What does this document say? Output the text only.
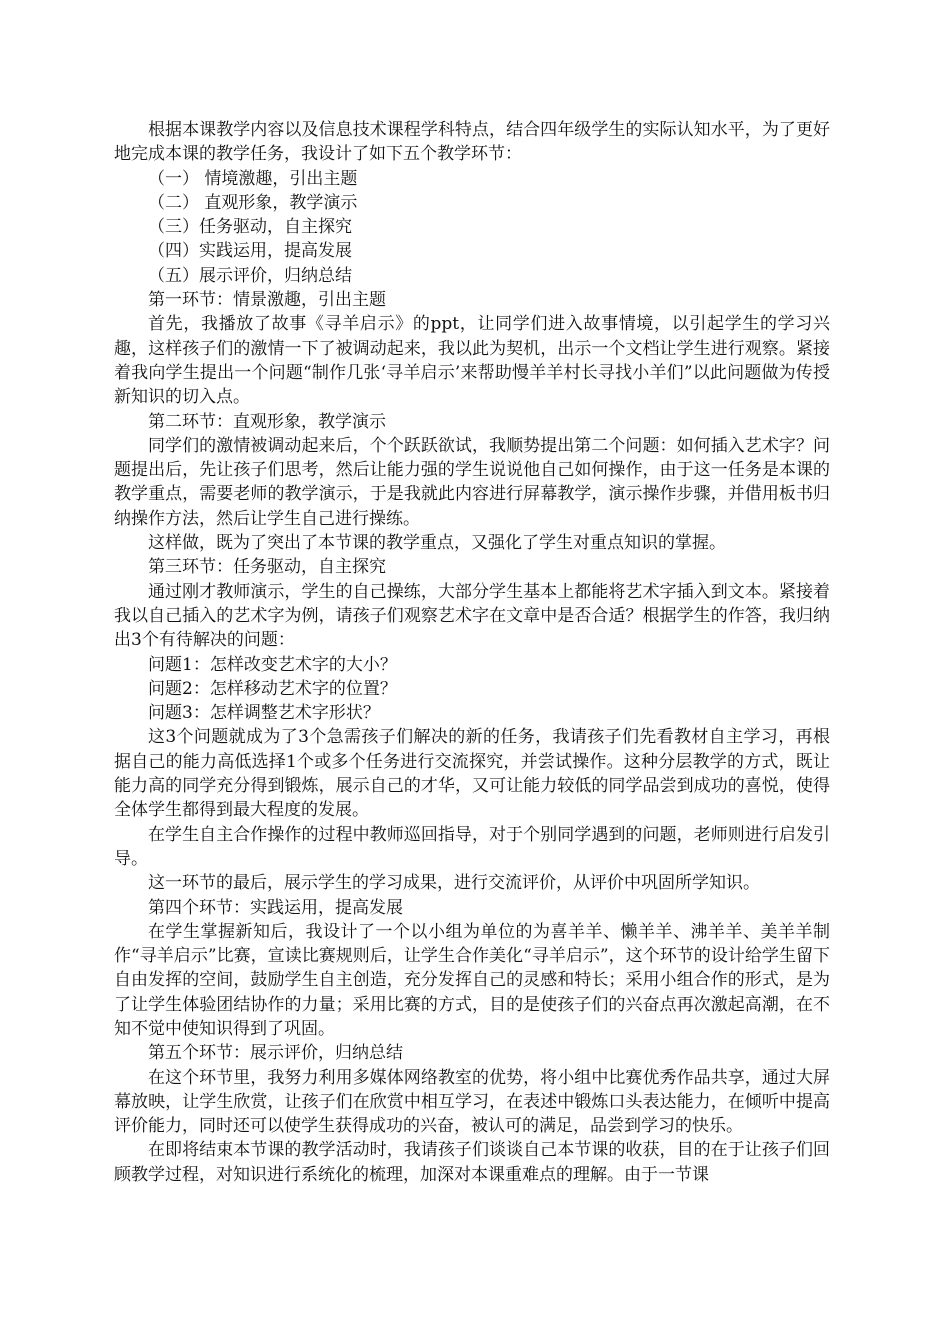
根据本课教学内容以及信息技术课程学科特点，结合四年级学生的实际认知水平，为了更好地完成本课的教学任务，我设计了如下五个教学环节：

（一） 情境激趣，引出主题

（二） 直观形象，教学演示

（三）任务驱动，自主探究

（四）实践运用，提高发展

（五）展示评价，归纳总结

第一环节：情景激趣，引出主题

首先，我播放了故事《寻羊启示》的ppt，让同学们进入故事情境，以引起学生的学习兴趣，这样孩子们的激情一下了被调动起来，我以此为契机，出示一个文档让学生进行观察。紧接着我向学生提出一个问题“制作几张‘寻羊启示’来帮助慢羊羊村长寻找小羊们”以此问题做为传授新知识的切入点。

第二环节：直观形象，教学演示

同学们的激情被调动起来后，个个跃跃欲试，我顺势提出第二个问题：如何插入艺术字？问题提出后，先让孩子们思考，然后让能力强的学生说说他自己如何操作，由于这一任务是本课的教学重点，需要老师的教学演示，于是我就此内容进行屏幕教学，演示操作步骤，并借用板书归纳操作方法，然后让学生自己进行操练。

这样做，既为了突出了本节课的教学重点，又强化了学生对重点知识的掌握。

第三环节：任务驱动，自主探究

通过刚才教师演示，学生的自己操练，大部分学生基本上都能将艺术字插入到文本。紧接着我以自己插入的艺术字为例，请孩子们观察艺术字在文章中是否合适？根据学生的作答，我归纳出3个有待解决的问题：

问题1：怎样改变艺术字的大小？

问题2：怎样移动艺术字的位置？

问题3：怎样调整艺术字形状？

这3个问题就成为了3个急需孩子们解决的新的任务，我请孩子们先看教材自主学习，再根据自己的能力高低选择1个或多个任务进行交流探究，并尝试操作。这种分层教学的方式，既让能力高的同学充分得到锻炼，展示自己的才华，又可让能力较低的同学品尝到成功的喜悦，使得全体学生都得到最大程度的发展。

在学生自主合作操作的过程中教师巡回指导，对于个别同学遇到的问题，老师则进行启发引导。

这一环节的最后，展示学生的学习成果，进行交流评价，从评价中巩固所学知识。

第四个环节：实践运用，提高发展

在学生掌握新知后，我设计了一个以小组为单位的为喜羊羊、懒羊羊、沸羊羊、美羊羊制作“寻羊启示”比赛，宣读比赛规则后，让学生合作美化“寻羊启示”，这个环节的设计给学生留下自由发挥的空间，鼓励学生自主创造，充分发挥自己的灵感和特长；采用小组合作的形式，是为了让学生体验团结协作的力量；采用比赛的方式，目的是使孩子们的兴奋点再次激起高潮，在不知不觉中使知识得到了巩固。

第五个环节：展示评价，归纳总结

在这个环节里，我努力利用多媒体网络教室的优势，将小组中比赛优秀作品共享，通过大屏幕放映，让学生欣赏，让孩子们在欣赏中相互学习，在表述中锻炼口头表达能力，在倾听中提高评价能力，同时还可以使学生获得成功的兴奋，被认可的满足，品尝到学习的快乐。

在即将结束本节课的教学活动时，我请孩子们谈谈自己本节课的收获，目的在于让孩子们回顾教学过程，对知识进行系统化的梳理，加深对本课重难点的理解。由于一节课
